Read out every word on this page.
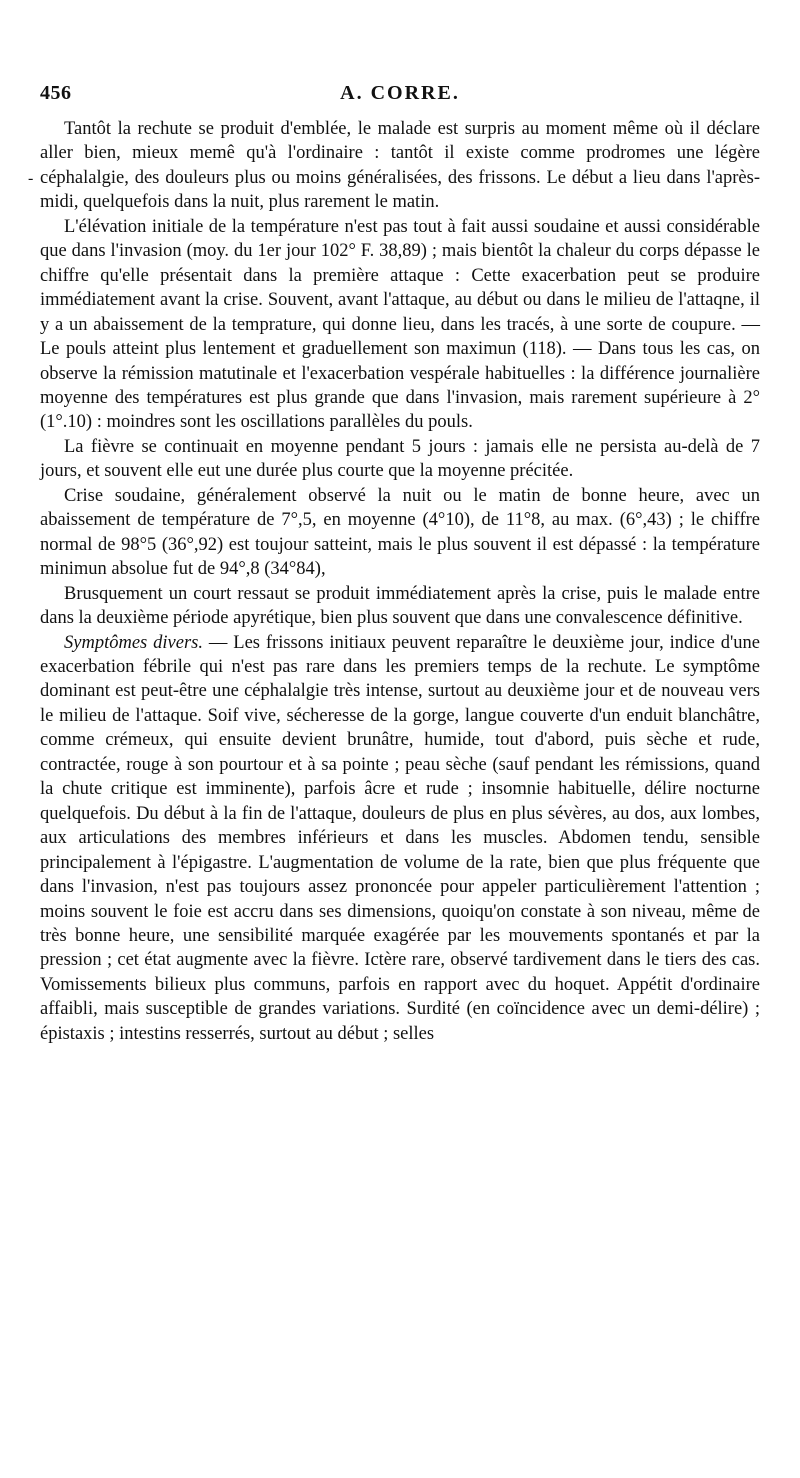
456	A. CORRE.
-

Tantôt la rechute se produit d'emblée, le malade est surpris au moment même où il déclare aller bien, mieux memê qu'à l'ordinaire : tantôt il existe comme prodromes une légère céphalalgie, des douleurs plus ou moins généralisées, des frissons. Le début a lieu dans l'après-midi, quelquefois dans la nuit, plus rarement le matin.

L'élévation initiale de la température n'est pas tout à fait aussi soudaine et aussi considérable que dans l'invasion (moy. du 1er jour 102° F. 38,89) ; mais bientôt la chaleur du corps dépasse le chiffre qu'elle présentait dans la première attaque : Cette exacerbation peut se produire immédiatement avant la crise. Souvent, avant l'attaque, au début ou dans le milieu de l'attaqne, il y a un abaissement de la temprature, qui donne lieu, dans les tracés, à une sorte de coupure. — Le pouls atteint plus lentement et graduellement son maximun (118). — Dans tous les cas, on observe la rémission matutinale et l'exacerbation vespérale habituelles : la différence journalière moyenne des températures est plus grande que dans l'invasion, mais rarement supérieure à 2° (1°.10) : moindres sont les oscillations parallèles du pouls.

La fièvre se continuait en moyenne pendant 5 jours : jamais elle ne persista au-delà de 7 jours, et souvent elle eut une durée plus courte que la moyenne précitée.

Crise soudaine, généralement observé la nuit ou le matin de bonne heure, avec un abaissement de température de 7°,5, en moyenne (4°10), de 11°8, au max. (6°,43) ; le chiffre normal de 98°5 (36°,92) est toujour satteint, mais le plus souvent il est dépassé : la température minimun absolue fut de 94°,8 (34°84),

Brusquement un court ressaut se produit immédiatement après la crise, puis le malade entre dans la deuxième période apyrétique, bien plus souvent que dans une convalescence définitive.

Symptômes divers. — Les frissons initiaux peuvent reparaître le deuxième jour, indice d'une exacerbation fébrile qui n'est pas rare dans les premiers temps de la rechute. Le symptôme dominant est peut-être une céphalalgie très intense, surtout au deuxième jour et de nouveau vers le milieu de l'attaque. Soif vive, sécheresse de la gorge, langue couverte d'un enduit blanchâtre, comme crémeux, qui ensuite devient brunâtre, humide, tout d'abord, puis sèche et rude, contractée, rouge à son pourtour et à sa pointe ; peau sèche (sauf pendant les rémissions, quand la chute critique est imminente), parfois âcre et rude ; insomnie habituelle, délire nocturne quelquefois. Du début à la fin de l'attaque, douleurs de plus en plus sévères, au dos, aux lombes, aux articulations des membres inférieurs et dans les muscles. Abdomen tendu, sensible principalement à l'épigastre. L'augmentation de volume de la rate, bien que plus fréquente que dans l'invasion, n'est pas toujours assez prononcée pour appeler particulièrement l'attention ; moins souvent le foie est accru dans ses dimensions, quoiqu'on constate à son niveau, même de très bonne heure, une sensibilité marquée exagérée par les mouvements spontanés et par la pression ; cet état augmente avec la fièvre. Ictère rare, observé tardivement dans le tiers des cas. Vomissements bilieux plus communs, parfois en rapport avec du hoquet. Appétit d'ordinaire affaibli, mais susceptible de grandes variations. Surdité (en coïncidence avec un demi-délire) ; épistaxis ; intestins resserrés, surtout au début ; selles
